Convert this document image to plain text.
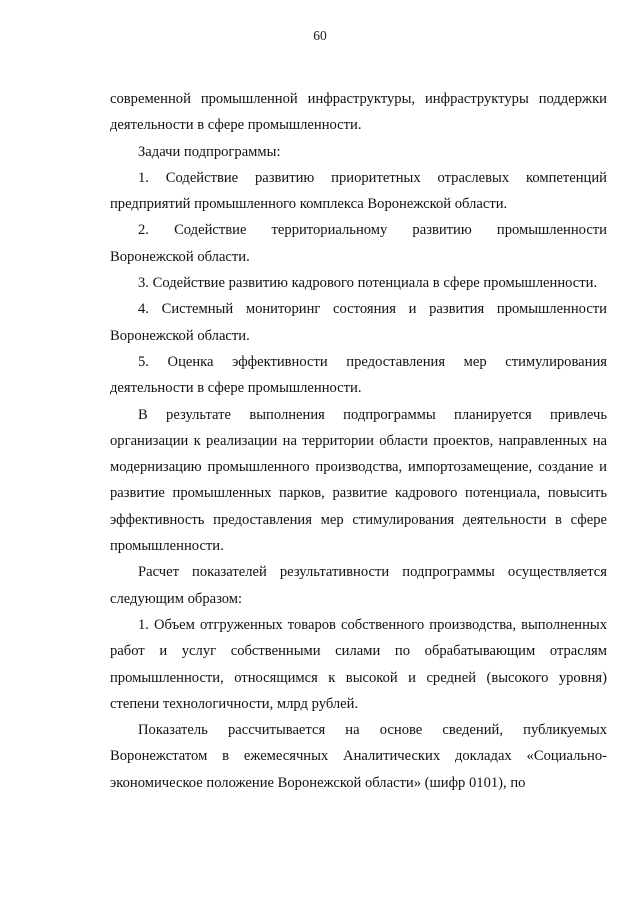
60

современной промышленной инфраструктуры, инфраструктуры поддержки деятельности в сфере промышленности.

Задачи подпрограммы:

1. Содействие развитию приоритетных отраслевых компетенций предприятий промышленного комплекса Воронежской области.

2. Содействие территориальному развитию промышленности Воронежской области.

3. Содействие развитию кадрового потенциала в сфере промышленности.

4. Системный мониторинг состояния и развития промышленности Воронежской области.

5. Оценка эффективности предоставления мер стимулирования деятельности в сфере промышленности.

В результате выполнения подпрограммы планируется привлечь организации к реализации на территории области проектов, направленных на модернизацию промышленного производства, импортозамещение, создание и развитие промышленных парков, развитие кадрового потенциала, повысить эффективность предоставления мер стимулирования деятельности в сфере промышленности.

Расчет показателей результативности подпрограммы осуществляется следующим образом:

1. Объем отгруженных товаров собственного производства, выполненных работ и услуг собственными силами по обрабатывающим отраслям промышленности, относящимся к высокой и средней (высокого уровня) степени технологичности, млрд рублей.

Показатель рассчитывается на основе сведений, публикуемых Воронежстатом в ежемесячных Аналитических докладах «Социально-экономическое положение Воронежской области» (шифр 0101), по
